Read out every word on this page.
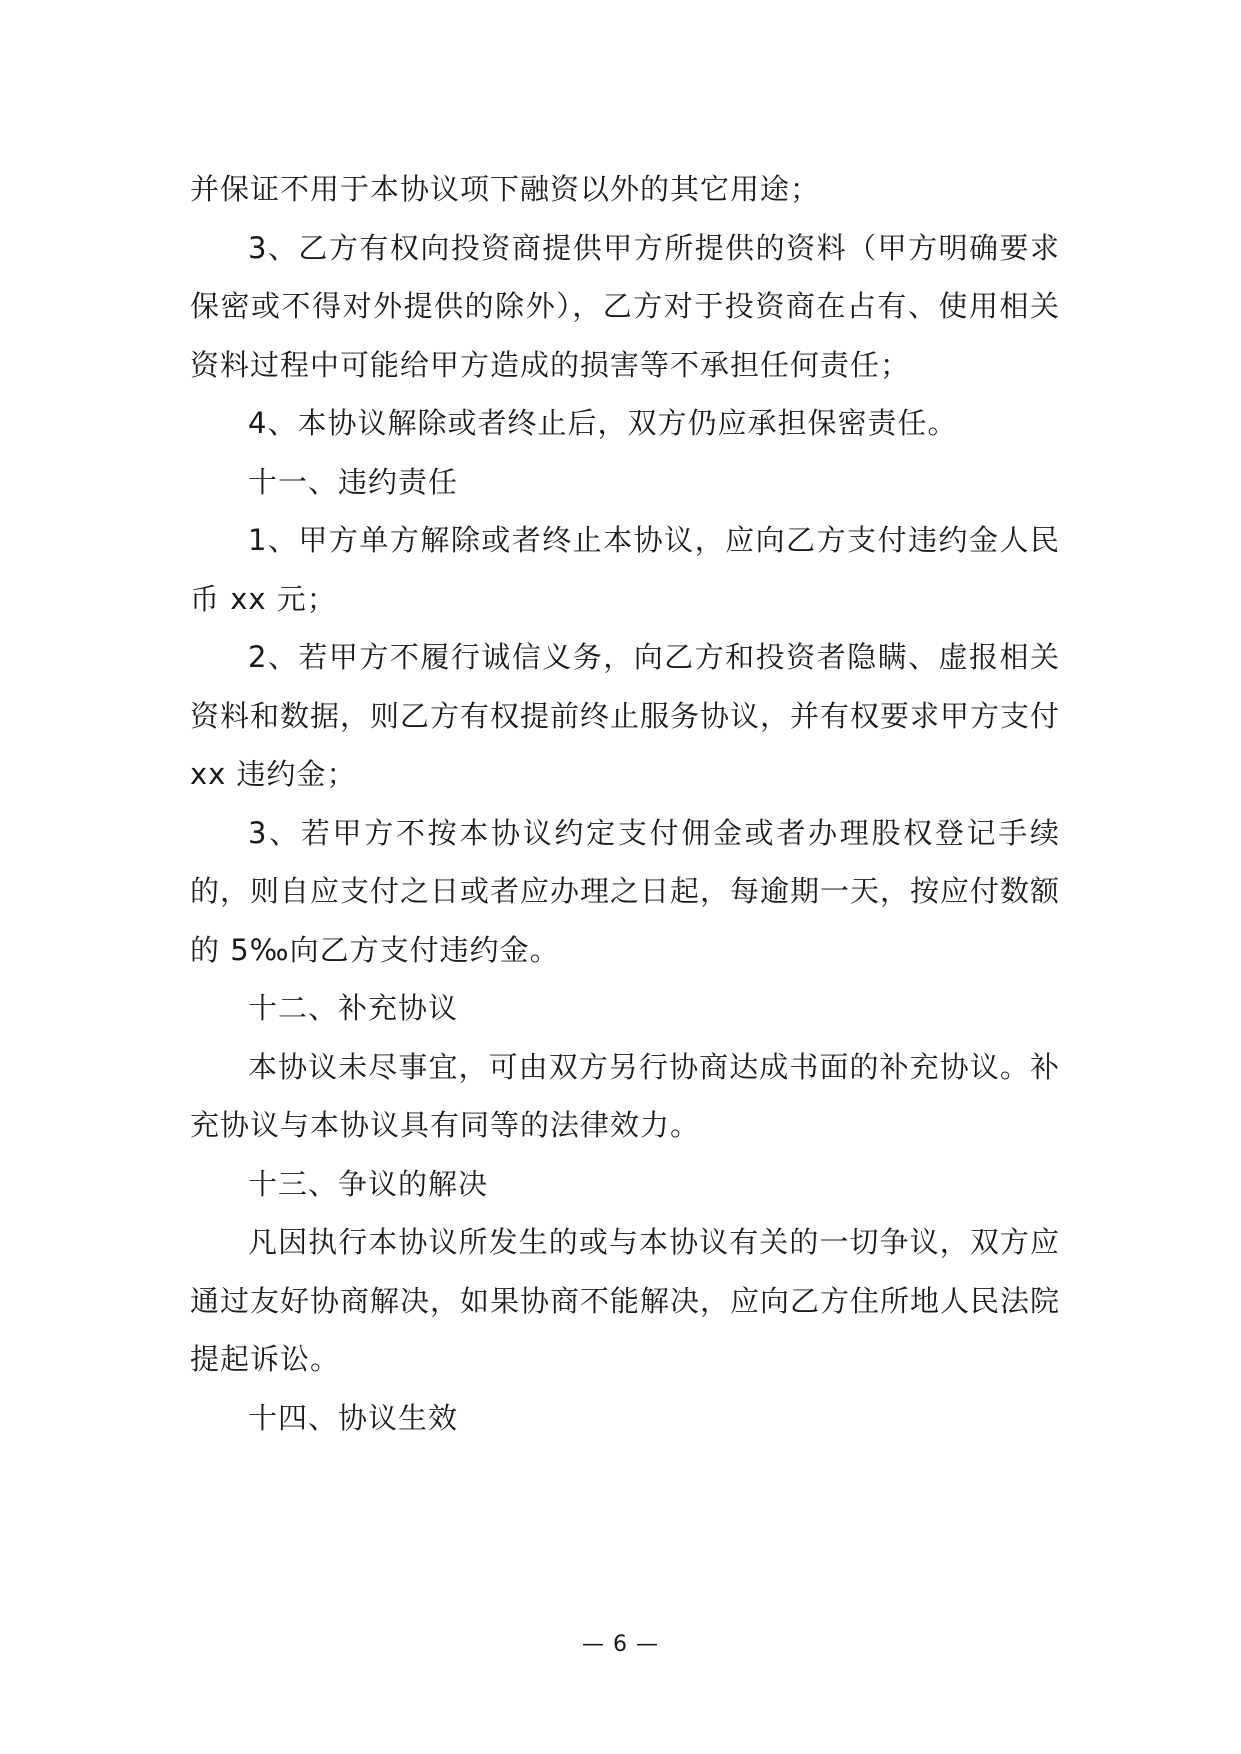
并保证不用于本协议项下融资以外的其它用途；

3、乙方有权向投资商提供甲方所提供的资料（甲方明确要求保密或不得对外提供的除外），乙方对于投资商在占有、使用相关资料过程中可能给甲方造成的损害等不承担任何责任；

4、本协议解除或者终止后，双方仍应承担保密责任。

十一、违约责任

1、甲方单方解除或者终止本协议，应向乙方支付违约金人民币 xx 元；

2、若甲方不履行诚信义务，向乙方和投资者隐瞒、虚报相关资料和数据，则乙方有权提前终止服务协议，并有权要求甲方支付 xx 违约金；

3、若甲方不按本协议约定支付佣金或者办理股权登记手续的，则自应支付之日或者应办理之日起，每逾期一天，按应付数额的 5‰向乙方支付违约金。

十二、补充协议

本协议未尽事宜，可由双方另行协商达成书面的补充协议。补充协议与本协议具有同等的法律效力。

十三、争议的解决

凡因执行本协议所发生的或与本协议有关的一切争议，双方应通过友好协商解决，如果协商不能解决，应向乙方住所地人民法院提起诉讼。

十四、协议生效

— 6 —
